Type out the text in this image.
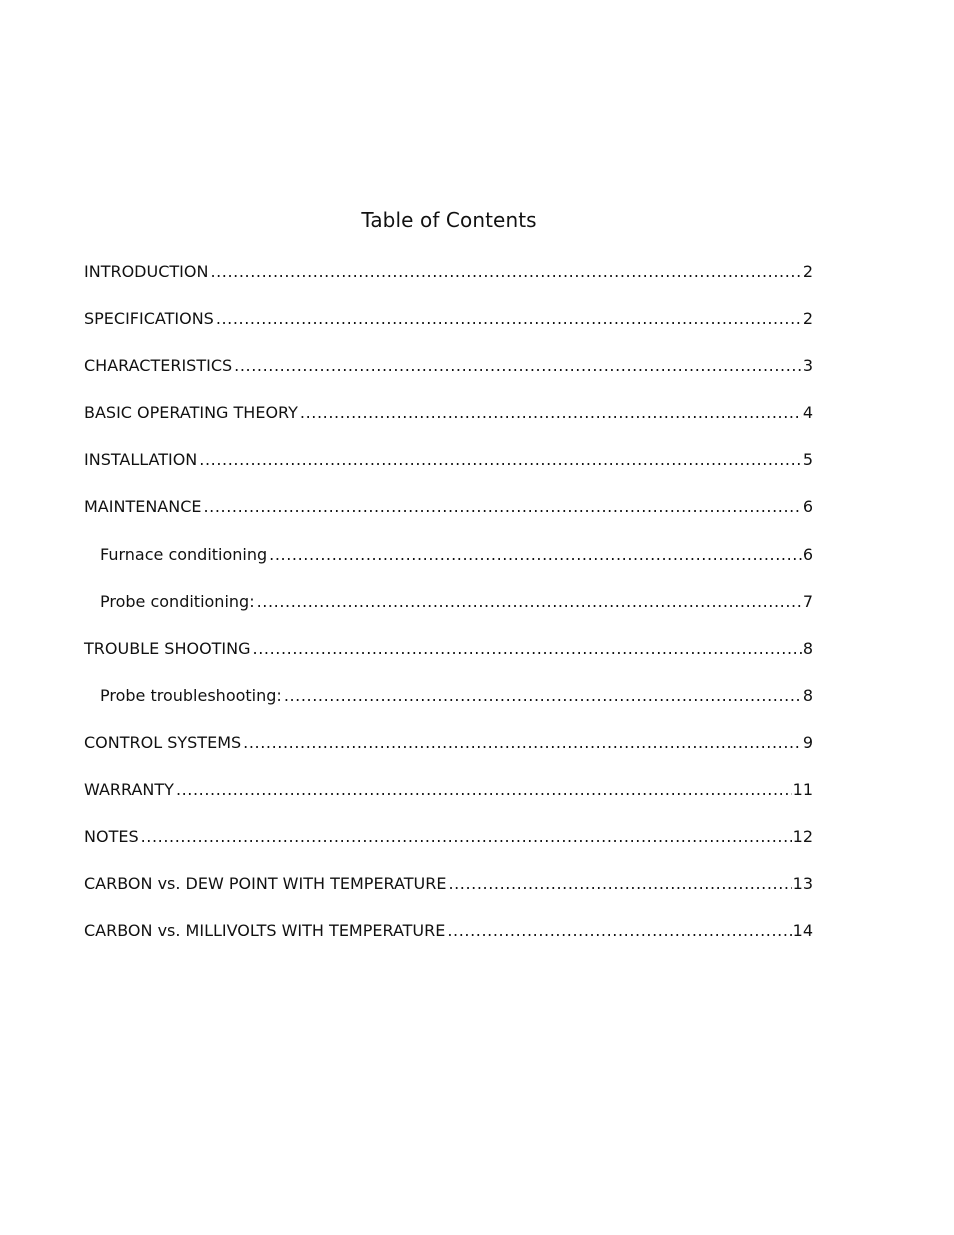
Table of Contents
INTRODUCTION .....	2
SPECIFICATIONS .....	2
CHARACTERISTICS .....	3
BASIC OPERATING THEORY .....	4
INSTALLATION .....	5
MAINTENANCE .....	6
Furnace conditioning .....	6
Probe conditioning: .....	7
TROUBLE SHOOTING .....	8
Probe troubleshooting: .....	8
CONTROL SYSTEMS .....	9
WARRANTY .....	11
NOTES .....	12
CARBON vs. DEW POINT WITH TEMPERATURE .....	13
CARBON vs. MILLIVOLTS WITH TEMPERATURE .....	14
